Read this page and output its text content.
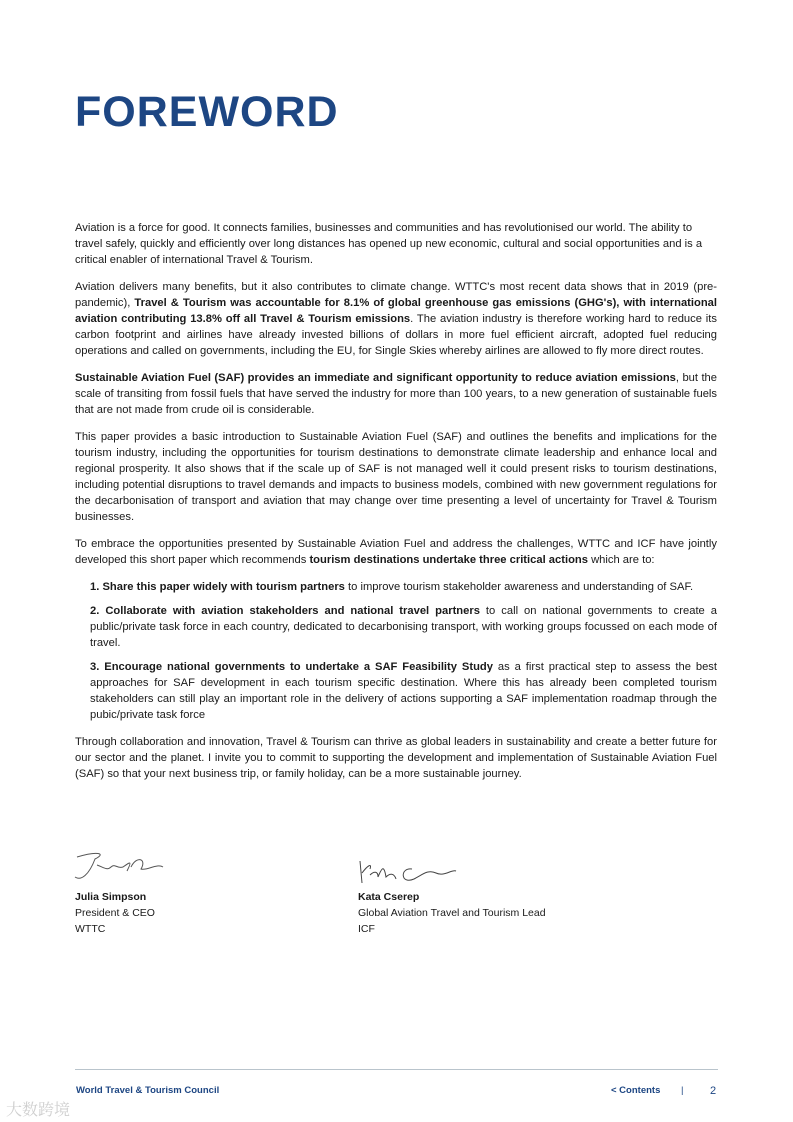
FOREWORD

Aviation is a force for good. It connects families, businesses and communities and has revolutionised our world. The ability to travel safely, quickly and efficiently over long distances has opened up new economic, cultural and social opportunities and is a critical enabler of international Travel & Tourism.

Aviation delivers many benefits, but it also contributes to climate change. WTTC's most recent data shows that in 2019 (pre-pandemic), Travel & Tourism was accountable for 8.1% of global greenhouse gas emissions (GHG's), with international aviation contributing 13.8% off all Travel & Tourism emissions. The aviation industry is therefore working hard to reduce its carbon footprint and airlines have already invested billions of dollars in more fuel efficient aircraft, adopted fuel reducing operations and called on governments, including the EU, for Single Skies whereby airlines are allowed to fly more direct routes.

Sustainable Aviation Fuel (SAF) provides an immediate and significant opportunity to reduce aviation emissions, but the scale of transiting from fossil fuels that have served the industry for more than 100 years, to a new generation of sustainable fuels that are not made from crude oil is considerable.

This paper provides a basic introduction to Sustainable Aviation Fuel (SAF) and outlines the benefits and implications for the tourism industry, including the opportunities for tourism destinations to demonstrate climate leadership and enhance local and regional prosperity. It also shows that if the scale up of SAF is not managed well it could present risks to tourism destinations, including potential disruptions to travel demands and impacts to business models, combined with new government regulations for the decarbonisation of transport and aviation that may change over time presenting a level of uncertainty for Travel & Tourism businesses.

To embrace the opportunities presented by Sustainable Aviation Fuel and address the challenges, WTTC and ICF have jointly developed this short paper which recommends tourism destinations undertake three critical actions which are to:

1. Share this paper widely with tourism partners to improve tourism stakeholder awareness and understanding of SAF.

2. Collaborate with aviation stakeholders and national travel partners to call on national governments to create a public/private task force in each country, dedicated to decarbonising transport, with working groups focussed on each mode of travel.

3. Encourage national governments to undertake a SAF Feasibility Study as a first practical step to assess the best approaches for SAF development in each tourism specific destination. Where this has already been completed tourism stakeholders can still play an important role in the delivery of actions supporting a SAF implementation roadmap through the pubic/private task force

Through collaboration and innovation, Travel & Tourism can thrive as global leaders in sustainability and create a better future for our sector and the planet. I invite you to commit to supporting the development and implementation of Sustainable Aviation Fuel (SAF) so that your next business trip, or family holiday, can be a more sustainable journey.

Julia Simpson
President & CEO
WTTC
Kata Cserep
Global Aviation Travel and Tourism Lead
ICF
World Travel & Tourism Council	< Contents | 2
大数跨境
